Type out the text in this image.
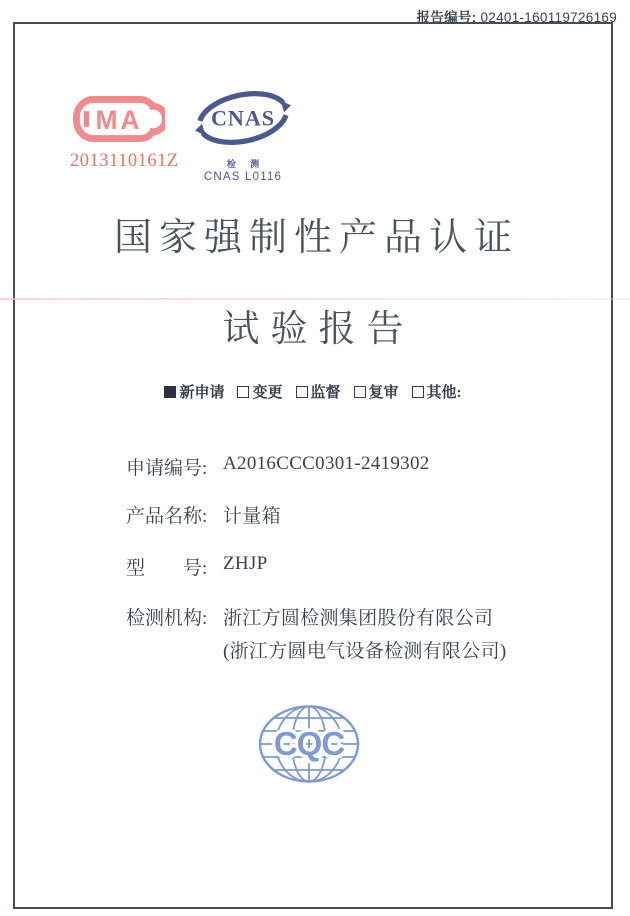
报告编号: 02401-160119726169
MA
2013110161Z
CNAS
检 测
CNAS L0116
国家强制性产品认证
试验报告
新申请 变更 监督 复审 其他:
申请编号: A2016CCC0301-2419302
产品名称: 计量箱
型　　号: ZHJP
检测机构: 浙江方圆检测集团股份有限公司
(浙江方圆电气设备检测有限公司)
CQC
